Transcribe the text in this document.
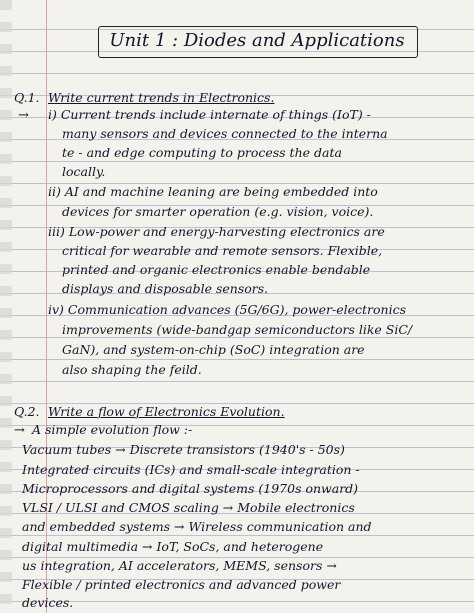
Unit 1 : Diodes and Applications
Q.1. Write current trends in Electronics.
→ i) Current trends include internate of things (IoT) -
many sensors and devices connected to the interna
te - and edge computing to process the data
locally.
ii) AI and machine leaning are being embedded into
devices for smarter operation (e.g. vision, voice).
iii) Low-power and energy-harvesting electronics are
critical for wearable and remote sensors. Flexible,
printed and organic electronics enable bendable
displays and disposable sensors.
iv) Communication advances (5G/6G), power-electronics
improvements (wide-bandgap semiconductors like SiC/
GaN), and system-on-chip (SoC) integration are
also shaping the feild.
Q.2. Write a flow of Electronics Evolution.
→ A simple evolution flow :-
Vacuum tubes → Discrete transistors (1940's - 50s)
Integrated circuits (ICs) and small-scale integration -
Microprocessors and digital systems (1970s onward)
VLSI / ULSI and CMOS scaling → Mobile electronics
and embedded systems → Wireless communication and
digital multimedia → IoT, SoCs, and heterogene
us integration, AI accelerators, MEMS, sensors →
Flexible / printed electronics and advanced power
devices.
